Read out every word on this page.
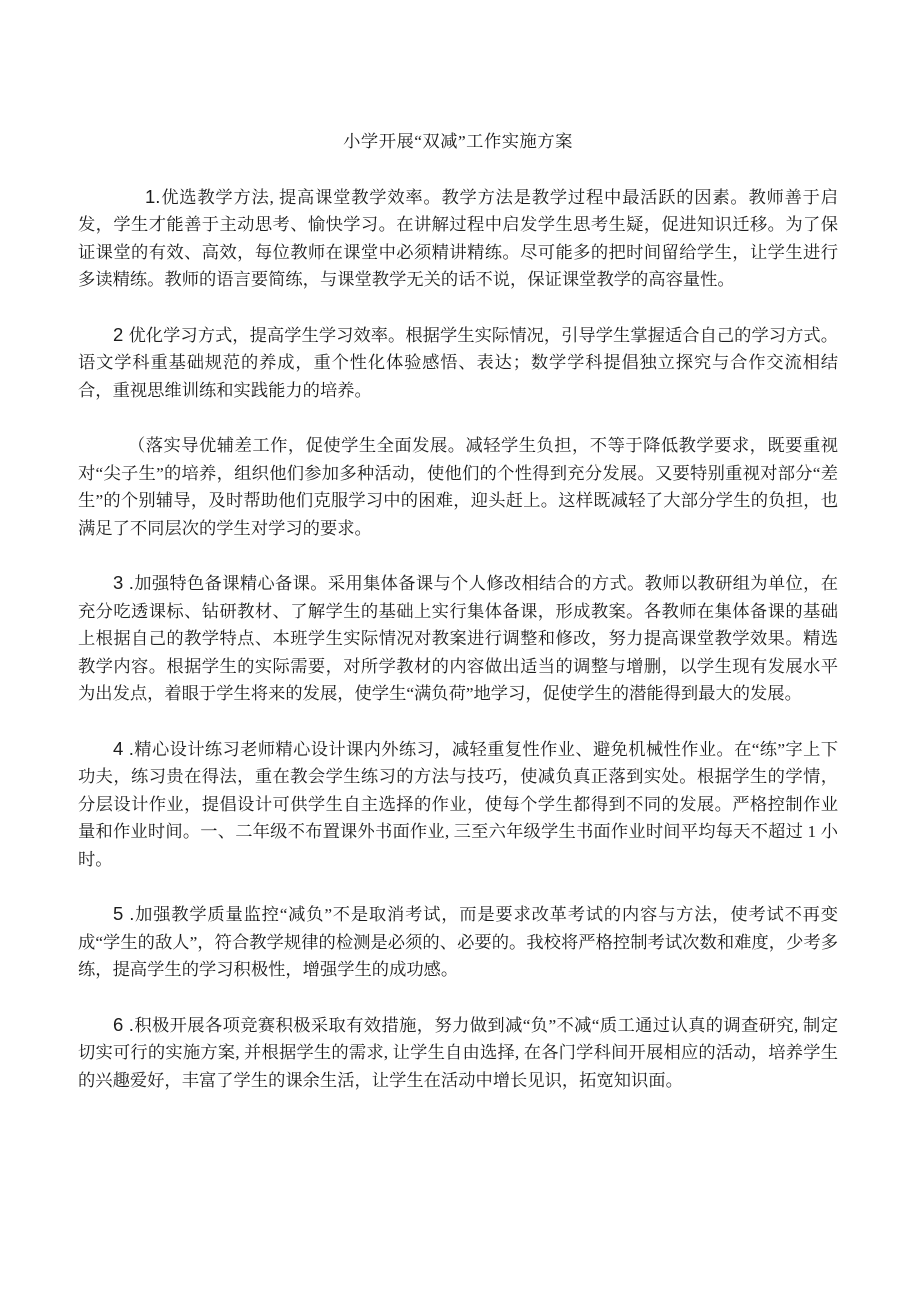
小学开展“双减”工作实施方案

1.优选教学方法, 提高课堂教学效率。教学方法是教学过程中最活跃的因素。教师善于启发，学生才能善于主动思考、愉快学习。在讲解过程中启发学生思考生疑，促进知识迁移。为了保证课堂的有效、高效，每位教师在课堂中必须精讲精练。尽可能多的把时间留给学生，让学生进行多读精练。教师的语言要简练，与课堂教学无关的话不说，保证课堂教学的高容量性。

2 优化学习方式，提高学生学习效率。根据学生实际情况，引导学生掌握适合自己的学习方式。语文学科重基础规范的养成，重个性化体验感悟、表达；数学学科提倡独立探究与合作交流相结合，重视思维训练和实践能力的培养。

（落实导优辅差工作，促使学生全面发展。减轻学生负担，不等于降低教学要求，既要重视对“尖子生”的培养，组织他们参加多种活动，使他们的个性得到充分发展。又要特别重视对部分“差生”的个别辅导，及时帮助他们克服学习中的困难，迎头赶上。这样既减轻了大部分学生的负担，也满足了不同层次的学生对学习的要求。

3 .加强特色备课精心备课。采用集体备课与个人修改相结合的方式。教师以教研组为单位，在充分吃透课标、钻研教材、了解学生的基础上实行集体备课，形成教案。各教师在集体备课的基础上根据自己的教学特点、本班学生实际情况对教案进行调整和修改，努力提高课堂教学效果。精选教学内容。根据学生的实际需要，对所学教材的内容做出适当的调整与增删，以学生现有发展水平为出发点，着眼于学生将来的发展，使学生“满负荷”地学习，促使学生的潜能得到最大的发展。

4 .精心设计练习老师精心设计课内外练习，减轻重复性作业、避免机械性作业。在“练”字上下功夫，练习贵在得法，重在教会学生练习的方法与技巧，使减负真正落到实处。根据学生的学情，分层设计作业，提倡设计可供学生自主选择的作业，使每个学生都得到不同的发展。严格控制作业量和作业时间。一、二年级不布置课外书面作业, 三至六年级学生书面作业时间平均每天不超过 1 小时。

5 .加强教学质量监控“减负”不是取消考试，而是要求改革考试的内容与方法，使考试不再变成“学生的敌人”，符合教学规律的检测是必须的、必要的。我校将严格控制考试次数和难度，少考多练，提高学生的学习积极性，增强学生的成功感。

6 .积极开展各项竞赛积极采取有效措施，努力做到减“负”不减“质工通过认真的调查研究, 制定切实可行的实施方案, 并根据学生的需求, 让学生自由选择, 在各门学科间开展相应的活动，培养学生的兴趣爱好，丰富了学生的课余生活，让学生在活动中增长见识，拓宽知识面。
